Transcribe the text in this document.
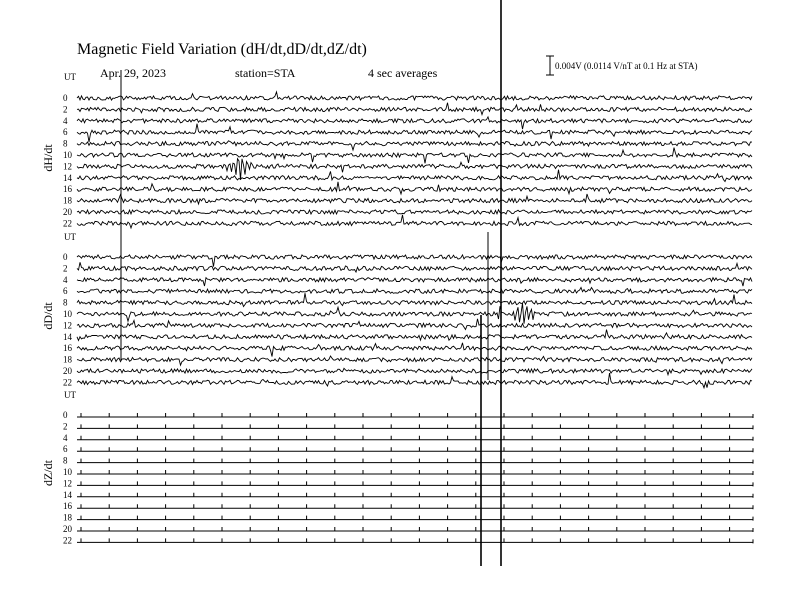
Magnetic Field Variation (dH/dt,dD/dt,dZ/dt)
Apr. 29, 2023	station=STA	4 sec averages	0.004V (0.0114 V/nT at 0.1 Hz at STA)
UT
dH/dt
0
2
4
6
8
10
12
14
16
18
20
22
UT
dD/dt
0
2
4
6
8
10
12
14
16
18
20
22
UT
dZ/dt
0
2
4
6
8
10
12
14
16
18
20
22
